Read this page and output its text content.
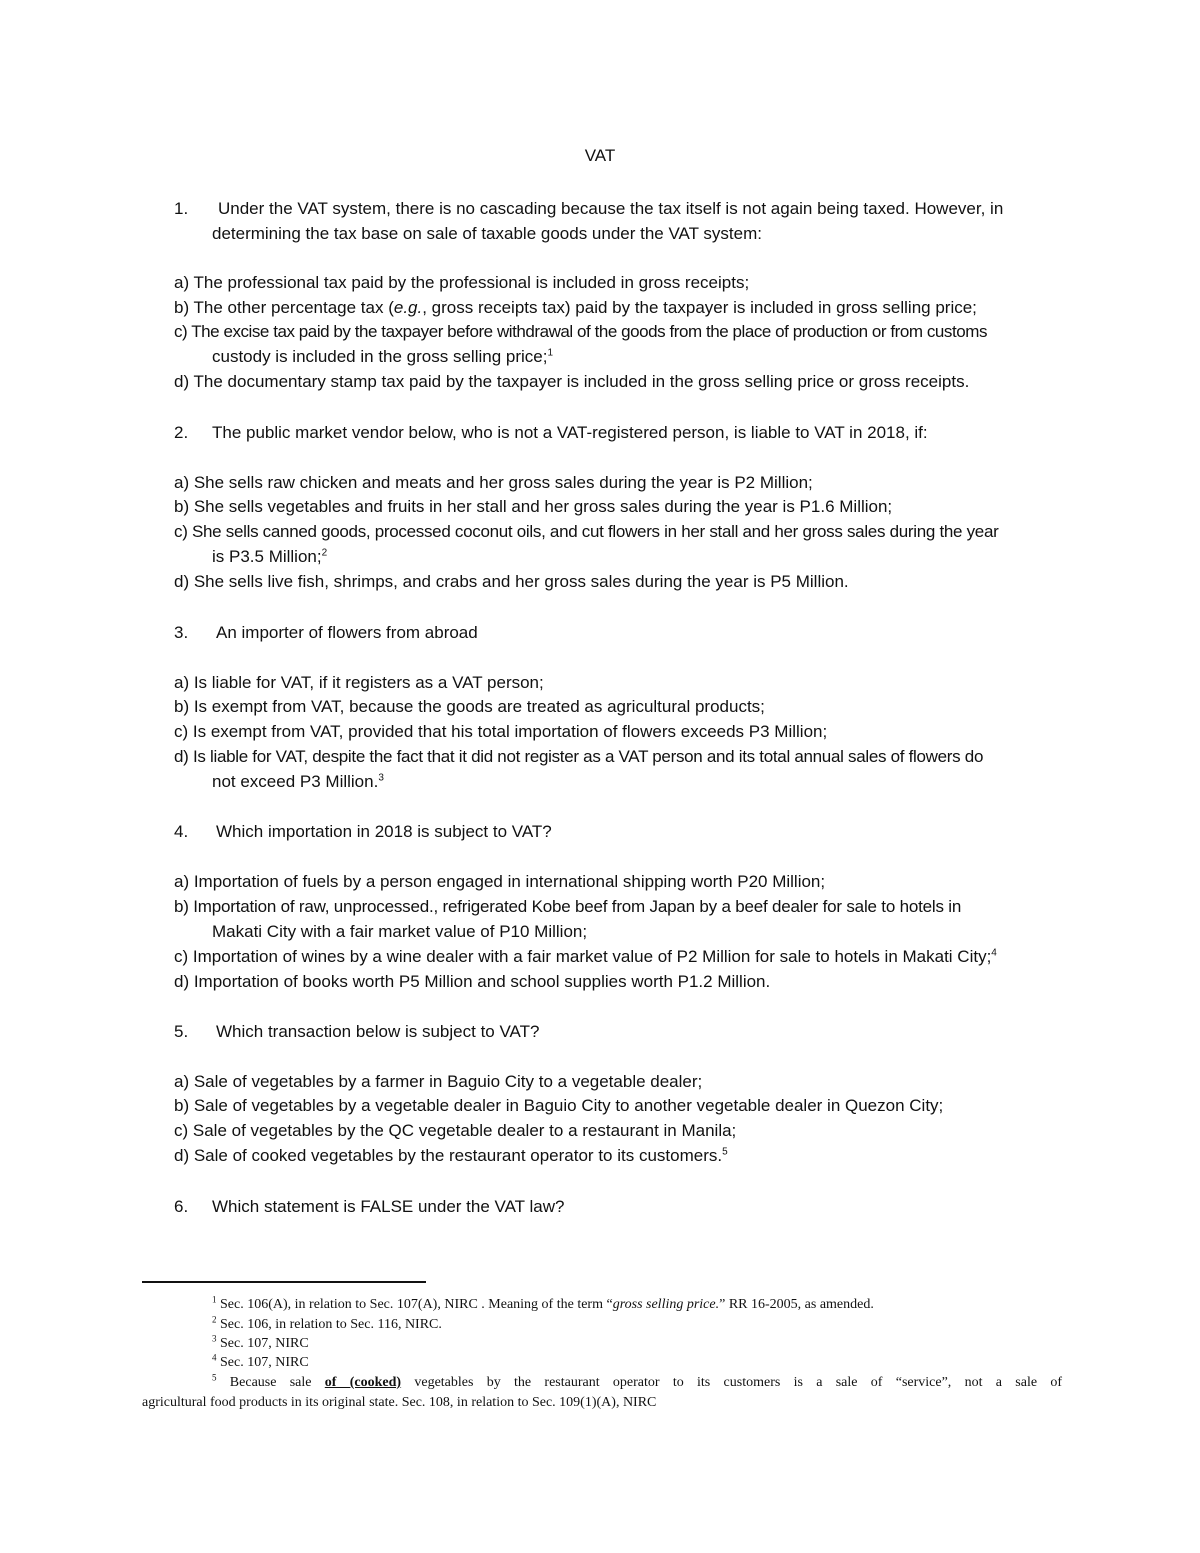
VAT
1. Under the VAT system, there is no cascading because the tax itself is not again being taxed. However, in
determining the tax base on sale of taxable goods under the VAT system:
a) The professional tax paid by the professional is included in gross receipts;
b) The other percentage tax (e.g., gross receipts tax) paid by the taxpayer is included in gross selling price;
c) The excise tax paid by the taxpayer before withdrawal of the goods from the place of production or from customs
custody is included in the gross selling price;$^1$
d) The documentary stamp tax paid by the taxpayer is included in the gross selling price or gross receipts.
2. The public market vendor below, who is not a VAT-registered person, is liable to VAT in 2018, if:
a) She sells raw chicken and meats and her gross sales during the year is P2 Million;
b) She sells vegetables and fruits in her stall and her gross sales during the year is P1.6 Million;
c) She sells canned goods, processed coconut oils, and cut flowers in her stall and her gross sales during the year
is P3.5 Million;$^2$
d) She sells live fish, shrimps, and crabs and her gross sales during the year is P5 Million.
3. An importer of flowers from abroad
a) Is liable for VAT, if it registers as a VAT person;
b) Is exempt from VAT, because the goods are treated as agricultural products;
c) Is exempt from VAT, provided that his total importation of flowers exceeds P3 Million;
d) Is liable for VAT, despite the fact that it did not register as a VAT person and its total annual sales of flowers do
not exceed P3 Million.$^3$
4. Which importation in 2018 is subject to VAT?
a) Importation of fuels by a person engaged in international shipping worth P20 Million;
b) Importation of raw, unprocessed., refrigerated Kobe beef from Japan by a beef dealer for sale to hotels in
Makati City with a fair market value of P10 Million;
c) Importation of wines by a wine dealer with a fair market value of P2 Million for sale to hotels in Makati City;$^4$
d) Importation of books worth P5 Million and school supplies worth P1.2 Million.
5. Which transaction below is subject to VAT?
a) Sale of vegetables by a farmer in Baguio City to a vegetable dealer;
b) Sale of vegetables by a vegetable dealer in Baguio City to another vegetable dealer in Quezon City;
c) Sale of vegetables by the QC vegetable dealer to a restaurant in Manila;
d) Sale of cooked vegetables by the restaurant operator to its customers.$^5$
6. Which statement is FALSE under the VAT law?
$^1$ Sec. 106(A), in relation to Sec. 107(A), NIRC . Meaning of the term “gross selling price.” RR 16-2005, as amended.
$^2$ Sec. 106, in relation to Sec. 116, NIRC.
$^3$ Sec. 107, NIRC
$^4$ Sec. 107, NIRC
$^5$ Because sale of (cooked) vegetables by the restaurant operator to its customers is a sale of “service”, not a sale of
agricultural food products in its original state. Sec. 108, in relation to Sec. 109(1)(A), NIRC
